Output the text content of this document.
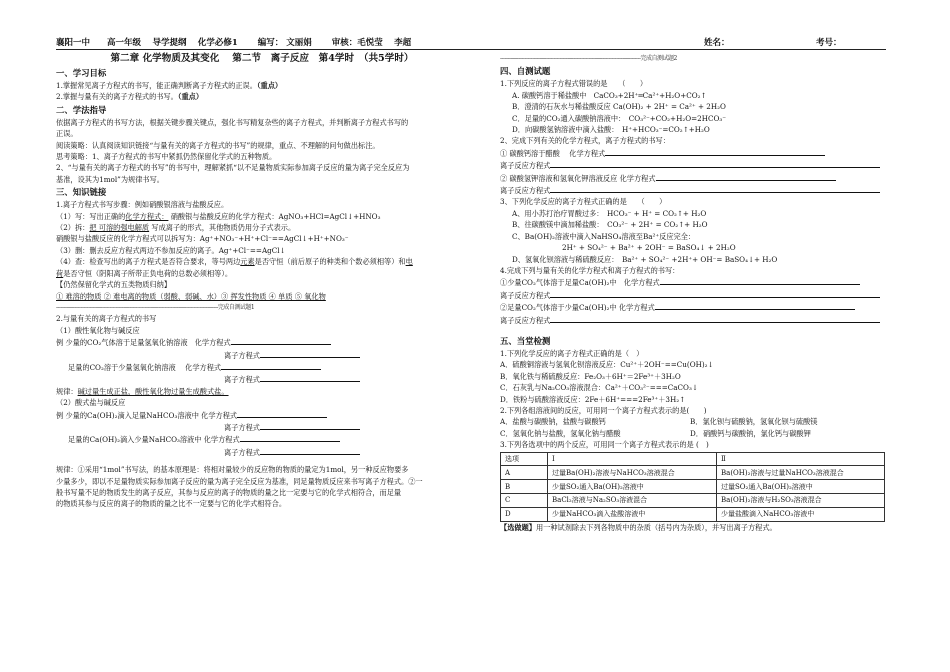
襄阳一中　　高一年级　 导学提纲　 化学必修1　　 编写： 文丽娟　　 审核：毛悦莹　 李超	姓名：	考号：
第二章 化学物质及其变化　 第二节　离子反应　第4学时　（共5学时）
一、学习目标

1.掌握常见离子方程式的书写，能正确判断离子方程式的正误。（重点）

2.掌握与量有关的离子方程式的书写。（重点）

二、学法指导

依据离子方程式的书写方法，根据关键步骤关键点，强化书写精复杂些的离子方程式，并判断离子方程式书写的

正误。

阅读策略：认真阅读知识链接“与量有关的离子方程式的书写”的规律，重点、不理解的问句做出标注。

思考策略：1、离子方程式的书写中紧抓仍然保留化学式的五种物质。

2、“与量有关的离子方程式的书写”的书写中，理解紧抓“以不足量物质实际参加离子反应的量为离子完全反应为

基准，设其为1mol”为规律书写。

三、知识链接

1.离子方程式书写步骤：例如硝酸银溶液与盐酸反应。

（1）写：写出正确的化学方程式： 硝酸银与盐酸反应的化学方程式：AgNO₃+HCl=AgCl↓+HNO₃

（2）拆：把 可溶的强电解质 写成离子的形式，其他物质仍用分子式表示。

硝酸银与盐酸反应的化学方程式可以拆写为：Ag⁺+NO₃⁻+H⁺+Cl⁻==AgCl↓+H⁺+NO₃⁻

（3）删：删去反应方程式两边不参加反应的离子。Ag⁺+Cl⁻==AgCl↓

（4）查：检查写出的离子方程式是否符合要求，等号两边元素是否守恒（前后原子的种类和个数必须相等）和电

荷是否守恒（阴阳离子所带正负电荷的总数必须相等）。

【仍然保留化学式的五类物质归纳】

① 难溶的物质 ② 难电离的物质（弱酸、弱碱、水）③ 挥发性物质 ④ 单质 ⑤ 氧化物

----------------------------------------------------------------------------------------------------------完成自测试题1

2.与量有关的离子方程式的书写

（1）酸性氧化物与碱反应

例 少量的CO₂气体溶于足量氢氧化钠溶液　化学方程式

离子方程式

足量的CO₂溶于少量氢氧化钠溶液　 化学方程式

离子方程式

规律：碱过量生成正盐，酸性氧化物过量生成酸式盐。

（2）酸式盐与碱反应

例 少量的Ca(OH)₂滴入足量NaHCO₃溶液中 化学方程式

离子方程式

足量的Ca(OH)₂滴入少量NaHCO₃溶液中 化学方程式

离子方程式

规律：①采用“1mol”书写法，的基本原理是：将相对量较少的反应物的物质的量定为1mol，另一种反应物要多

少量多少，即以不足量物质实际参加离子反应的量为离子完全反应为基准，同足量物质反应来书写离子方程式。②一

般书写量不足的物质发生的离子反应，其参与反应的离子的物质的量之比一定要与它的化学式相符合，而足量

的物质其参与反应的离子的物质的量之比不一定要与它的化学式相符合。

--------------------------------------------------------------------------------------------完成自测试题2

四、自测试题

1.下列反应的离子方程式错误的是　　（　　）

A. 碳酸钙溶于稀盐酸中　CaCO₃+2H⁺═Ca²⁺+H₂O+CO₂↑

B．澄清的石灰水与稀盐酸反应 Ca(OH)₂ + 2H⁺ = Ca²⁺ + 2H₂O

C．足量的CO₂通入碳酸钠溶液中：　CO₃²⁻+CO₂+H₂O=2HCO₃⁻

D．向碳酸氢钠溶液中滴入盐酸：　H⁺+HCO₃⁻=CO₂↑+H₂O

2、完成下列有关的化学方程式，离子方程式的书写：

① 碳酸钙溶于醋酸　 化学方程式

离子反应方程式

② 碳酸氢钾溶液和氢氧化钾溶液反应 化学方程式

离子反应方程式

3、下列化学反应的离子方程式正确的是　　（　　）

A、用小苏打治疗胃酸过多：　HCO₃⁻ + H⁺ = CO₂↑+ H₂O

B、往碳酸镁中滴加稀盐酸：　CO₃²⁻ + 2H⁺ = CO₂↑+ H₂O

C、Ba(OH)₂溶液中滴入NaHSO₄溶液至Ba²⁺反应完全：

2H⁺ + SO₄²⁻ + Ba²⁺ + 2OH⁻ = BaSO₄↓ + 2H₂O

D、氢氧化钡溶液与稀硫酸反应：　Ba²⁺ + SO₄²⁻ +2H⁺+ OH⁻= BaSO₄↓+ H₂O

4.完成下列与量有关的化学方程式和离子方程式的书写：

①少量CO₂气体溶于足量Ca(OH)₂中　化学方程式

离子反应方程式

②足量CO₂气体溶于少量Ca(OH)₂中 化学方程式

离子反应方程式

五、当堂检测

1.下列化学反应的离子方程式正确的是（　）

A．硫酸铜溶液与氢氧化钡溶液反应：Cu²⁺＋2OH⁻==Cu(OH)₂↓

B．氧化铁与稀硫酸反应：Fe₂O₃＋6H⁺＝2Fe³⁺＋3H₂O

C．石灰乳与Na₂CO₃溶液混合：Ca²⁺＋CO₃²⁻===CaCO₃↓

D．铁粉与硫酸溶液反应：2Fe＋6H⁺===2Fe³⁺＋3H₂↑

2.下列各组溶液间的反应，可用同一个离子方程式表示的是(　　)

A．盐酸与碳酸钠，盐酸与碳酸钙	B．氯化钡与硫酸钠，氢氧化钡与硫酸镁

C．氢氧化钠与盐酸，氢氧化钠与醋酸	D．硝酸钙与碳酸钠，氯化钙与碳酸钾

3.下列各选项中的两个反应，可用同一个离子方程式表示的是 (　)

选项	Ⅰ	Ⅱ
A	过量Ba(OH)₂溶液与NaHCO₃溶液混合	Ba(OH)₂溶液与过量NaHCO₃溶液混合
B	少量SO₂通入Ba(OH)₂溶液中	过量SO₂通入Ba(OH)₂溶液中
C	BaCl₂溶液与Na₂SO₃溶液混合	Ba(OH)₂溶液与H₂SO₃溶液混合
D	少量NaHCO₃滴入盐酸溶液中	少量盐酸滴入NaHCO₃溶液中

【选做题】用一种试剂除去下列各物质中的杂质（括号内为杂质），并写出离子方程式。
